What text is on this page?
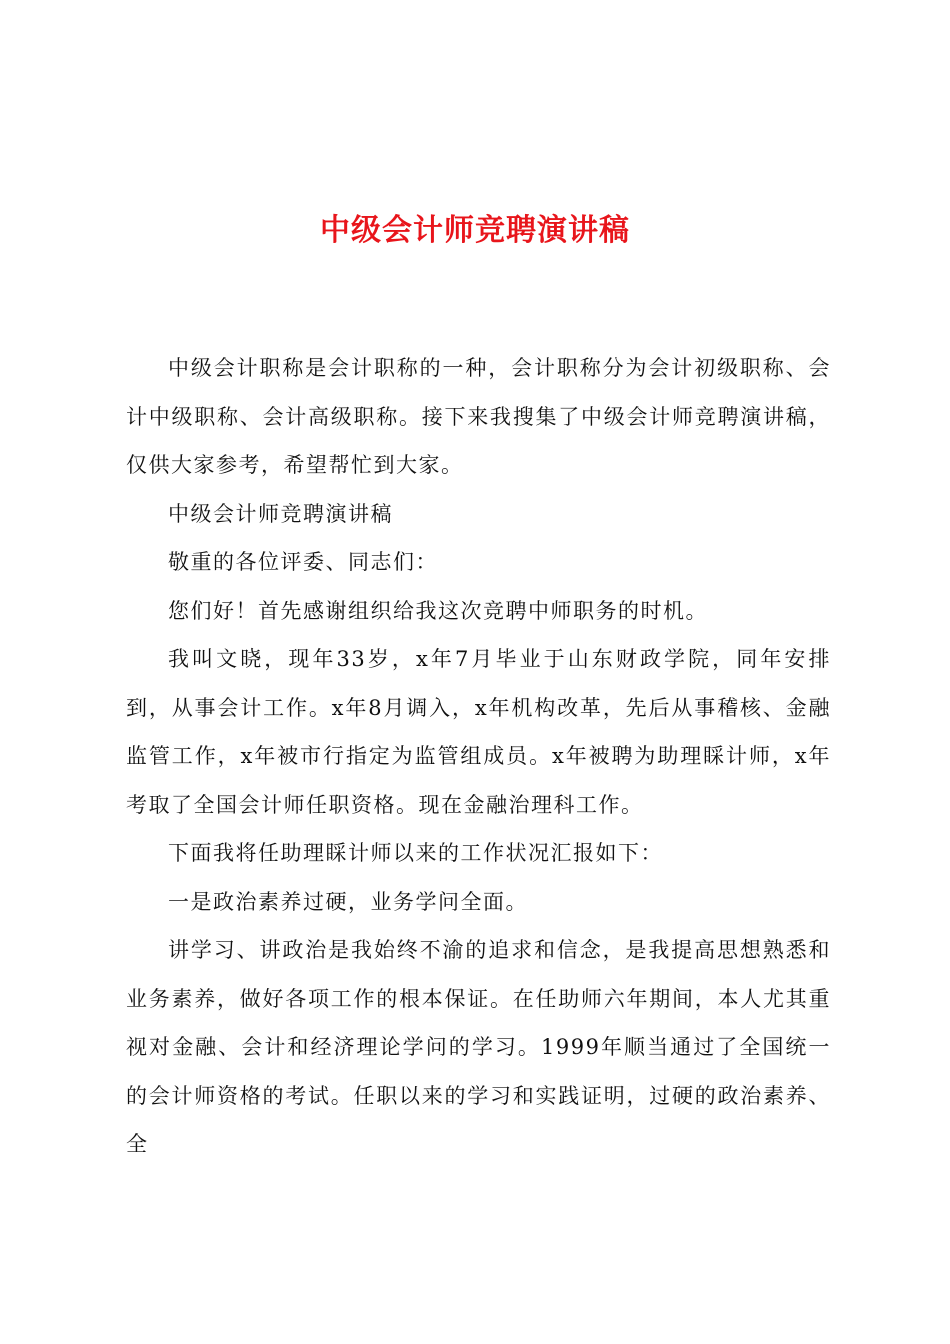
中级会计师竞聘演讲稿

中级会计职称是会计职称的一种，会计职称分为会计初级职称、会计中级职称、会计高级职称。接下来我搜集了中级会计师竞聘演讲稿，仅供大家参考，希望帮忙到大家。

中级会计师竞聘演讲稿

敬重的各位评委、同志们：

您们好！首先感谢组织给我这次竞聘中师职务的时机。

我叫文晓，现年33岁，x年7月毕业于山东财政学院，同年安排到，从事会计工作。x年8月调入，x年机构改革，先后从事稽核、金融监管工作，x年被市行指定为监管组成员。x年被聘为助理睬计师，x年考取了全国会计师任职资格。现在金融治理科工作。

下面我将任助理睬计师以来的工作状况汇报如下：

一是政治素养过硬，业务学问全面。

讲学习、讲政治是我始终不渝的追求和信念，是我提高思想熟悉和业务素养，做好各项工作的根本保证。在任助师六年期间，本人尤其重视对金融、会计和经济理论学问的学习。1999年顺当通过了全国统一的会计师资格的考试。任职以来的学习和实践证明，过硬的政治素养、全
